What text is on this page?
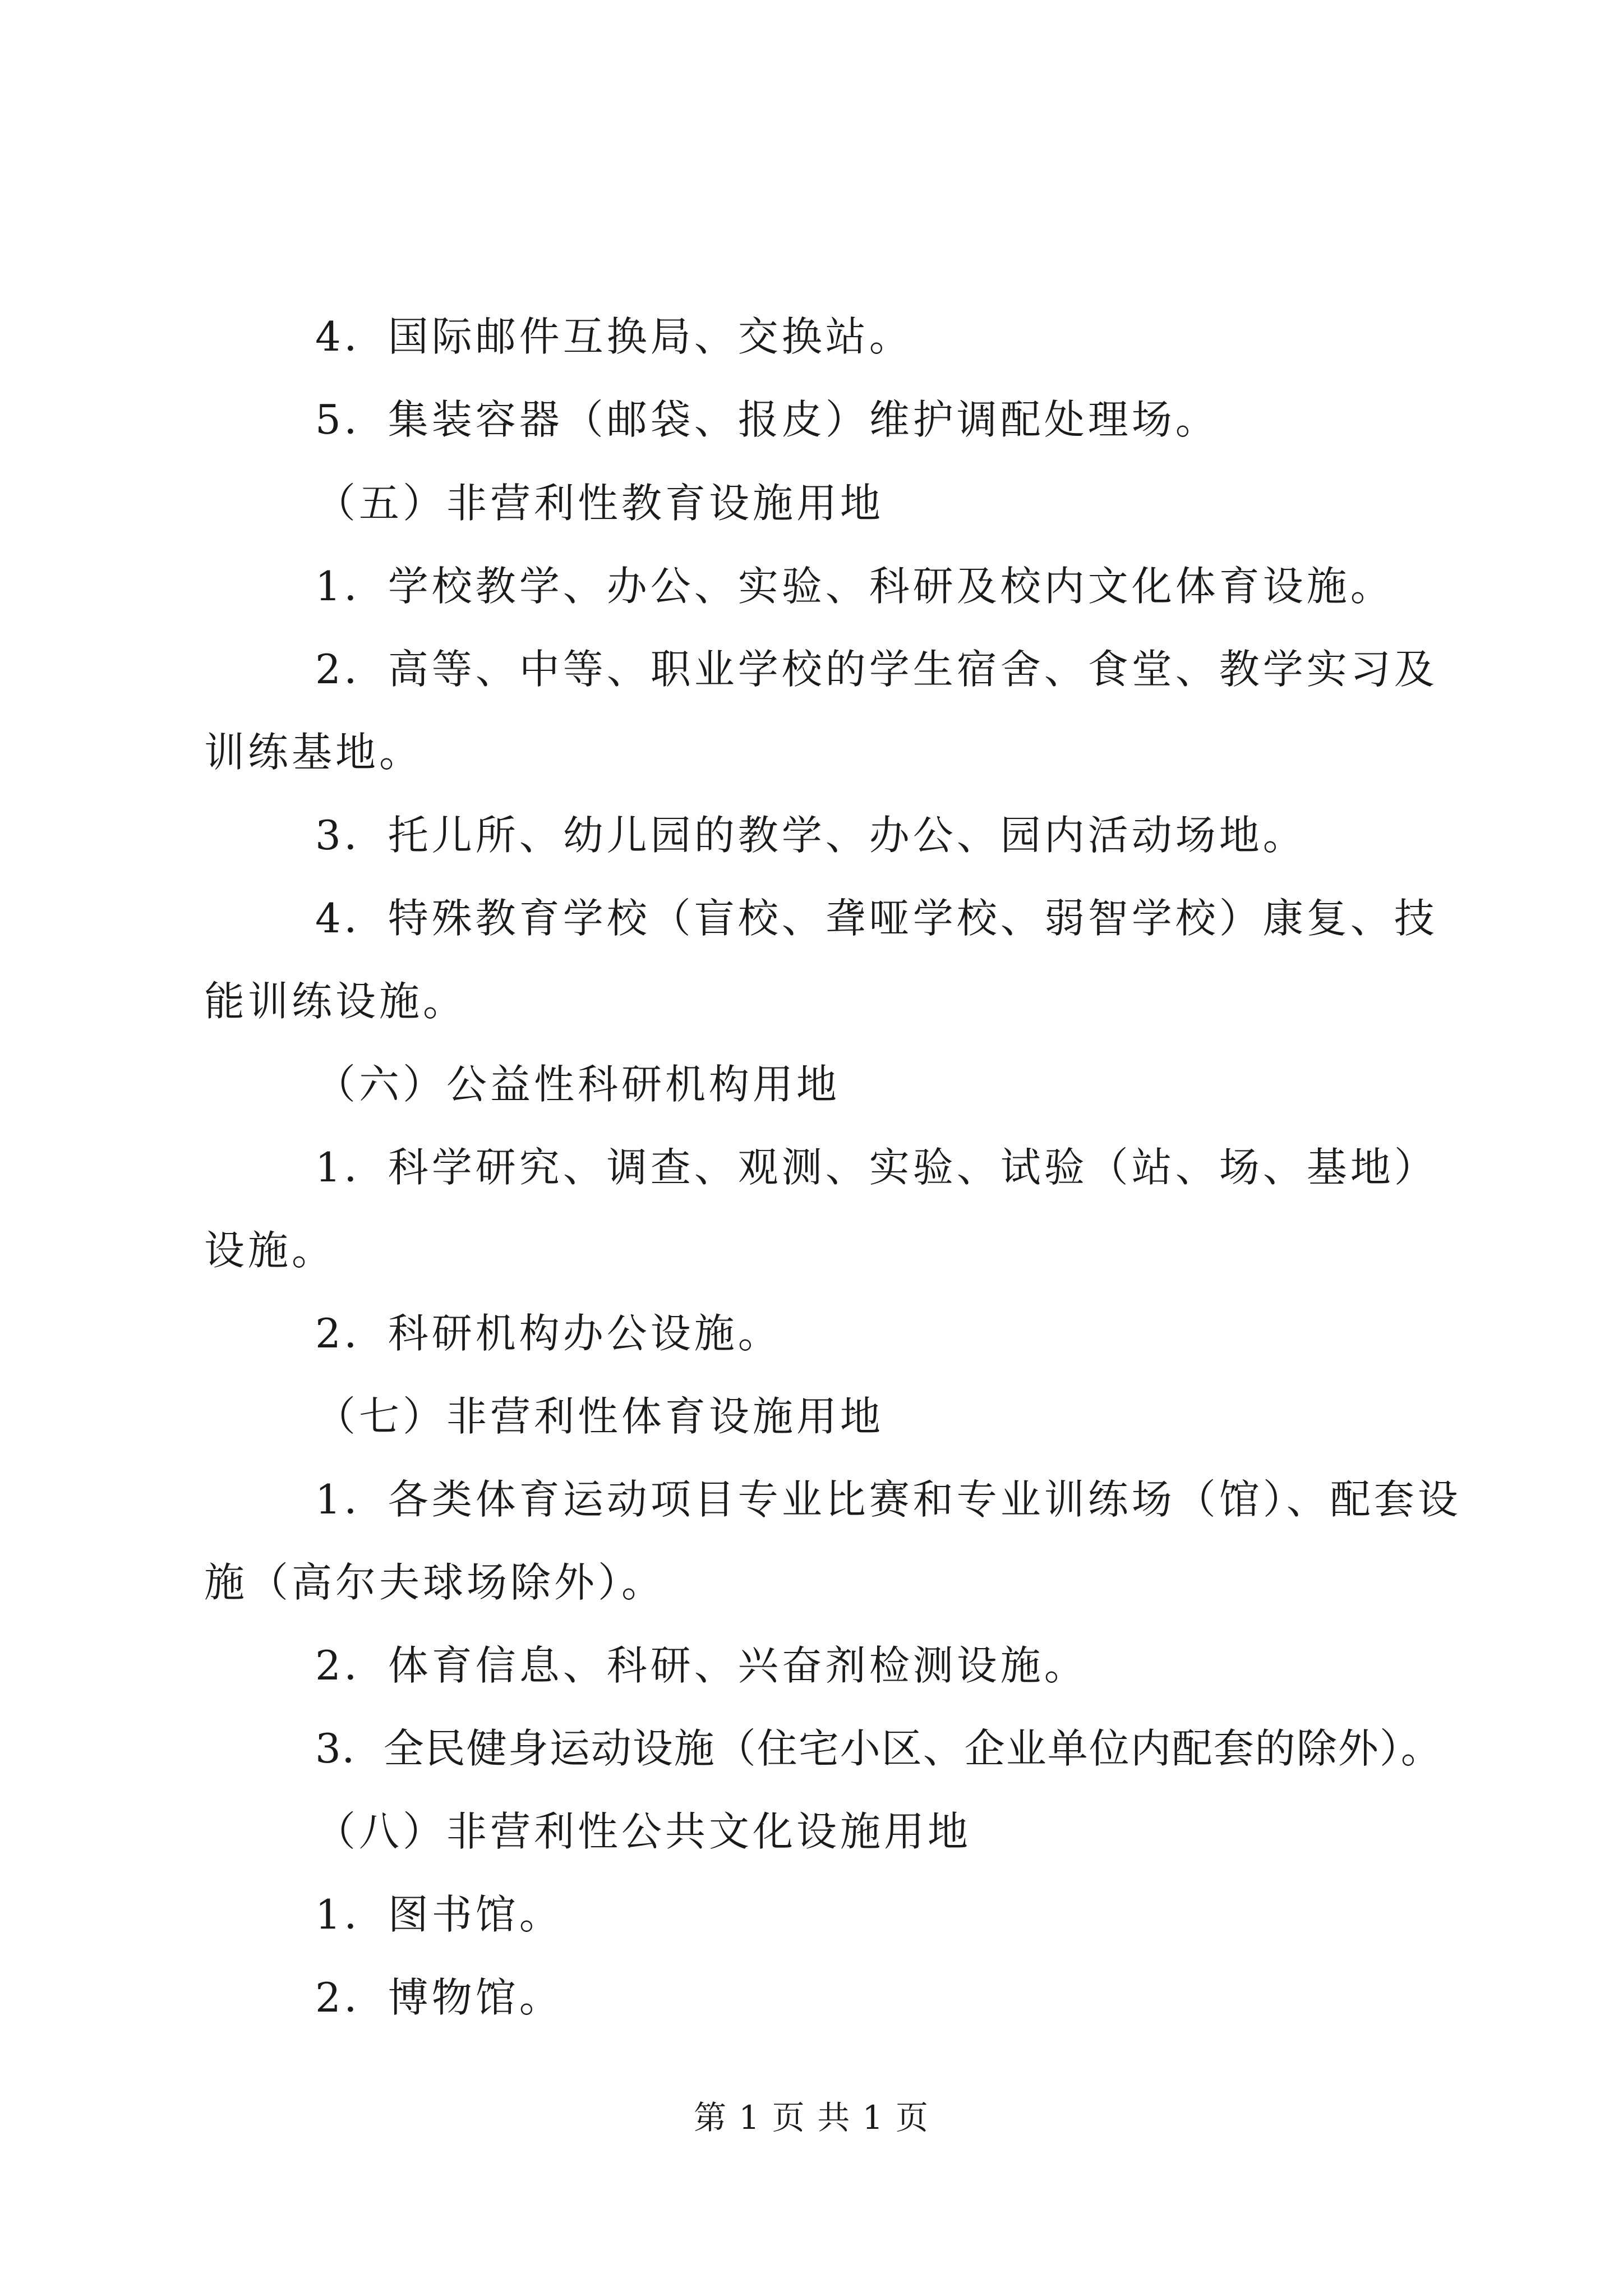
4．国际邮件互换局、交换站。
5．集装容器（邮袋、报皮）维护调配处理场。
（五）非营利性教育设施用地
1．学校教学、办公、实验、科研及校内文化体育设施。
2．高等、中等、职业学校的学生宿舍、食堂、教学实习及
训练基地。
3．托儿所、幼儿园的教学、办公、园内活动场地。
4．特殊教育学校（盲校、聋哑学校、弱智学校）康复、技
能训练设施。
（六）公益性科研机构用地
1．科学研究、调查、观测、实验、试验（站、场、基地）
设施。
2．科研机构办公设施。
（七）非营利性体育设施用地
1．各类体育运动项目专业比赛和专业训练场（馆）、配套设
施（高尔夫球场除外）。
2．体育信息、科研、兴奋剂检测设施。
3．全民健身运动设施（住宅小区、企业单位内配套的除外）。
（八）非营利性公共文化设施用地
1．图书馆。
2．博物馆。
第 1 页 共 1 页
